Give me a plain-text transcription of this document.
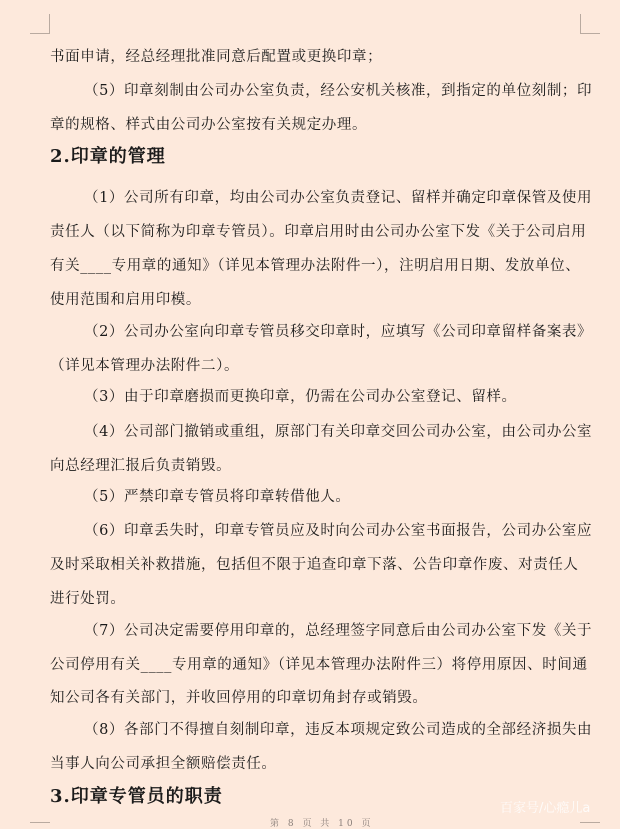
书面申请，经总经理批准同意后配置或更换印章；
（5）印章刻制由公司办公室负责，经公安机关核准，到指定的单位刻制；印
章的规格、样式由公司办公室按有关规定办理。
2.印章的管理
（1）公司所有印章，均由公司办公室负责登记、留样并确定印章保管及使用
责任人（以下简称为印章专管员）。印章启用时由公司办公室下发《关于公司启用
有关____专用章的通知》（详见本管理办法附件一），注明启用日期、发放单位、
使用范围和启用印模。
（2）公司办公室向印章专管员移交印章时，应填写《公司印章留样备案表》
（详见本管理办法附件二）。
（3）由于印章磨损而更换印章，仍需在公司办公室登记、留样。
（4）公司部门撤销或重组，原部门有关印章交回公司办公室，由公司办公室
向总经理汇报后负责销毁。
（5）严禁印章专管员将印章转借他人。
（6）印章丢失时，印章专管员应及时向公司办公室书面报告，公司办公室应
及时采取相关补救措施，包括但不限于追查印章下落、公告印章作废、对责任人
进行处罚。
（7）公司决定需要停用印章的，总经理签字同意后由公司办公室下发《关于
公司停用有关____专用章的通知》（详见本管理办法附件三）将停用原因、时间通
知公司各有关部门，并收回停用的印章切角封存或销毁。
（8）各部门不得擅自刻制印章，违反本项规定致公司造成的全部经济损失由
当事人向公司承担全额赔偿责任。
3.印章专管员的职责
第 8 页 共 10 页
百家号/心瘾儿a
